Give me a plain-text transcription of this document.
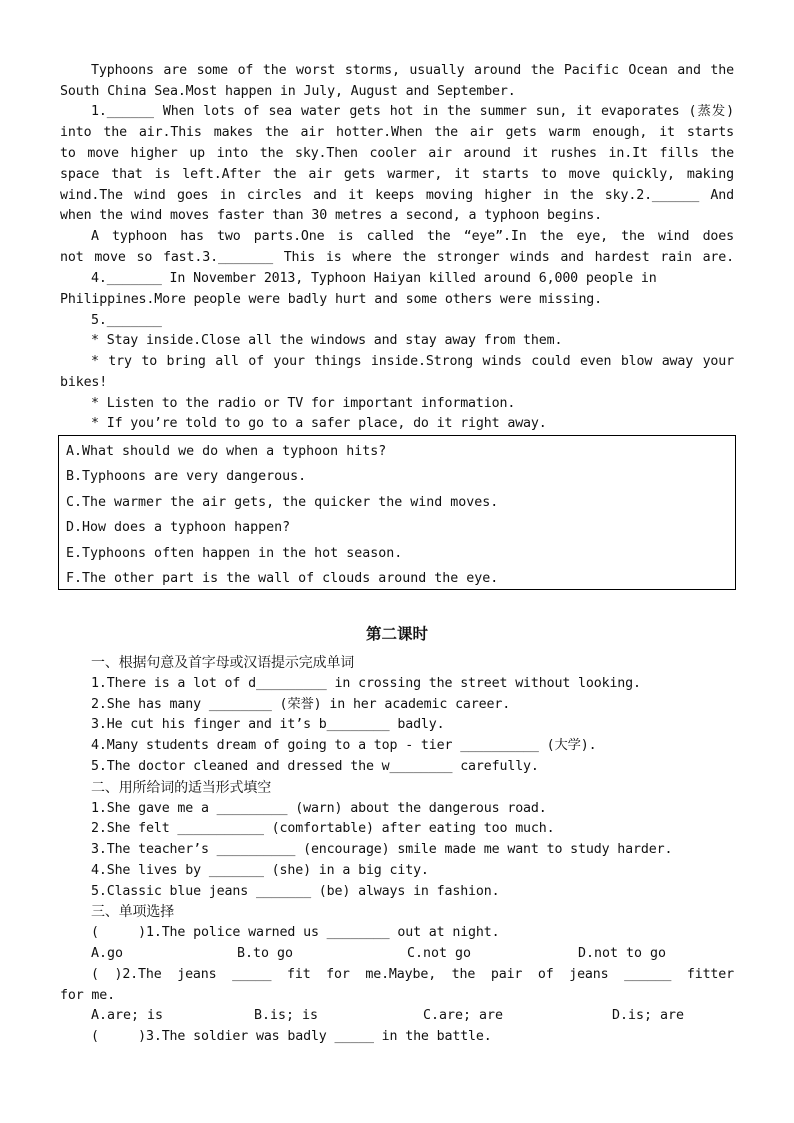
Typhoons are some of the worst storms, usually around the Pacific Ocean and the
South China Sea.Most happen in July, August and September.
1.______ When lots of sea water gets hot in the summer sun, it evaporates (蒸发)
into the air.This makes the air hotter.When the air gets warm enough, it starts
to move higher up into the sky.Then cooler air around it rushes in.It fills the
space that is left.After the air gets warmer, it starts to move quickly, making
wind.The wind goes in circles and it keeps moving higher in the sky.2.______ And
when the wind moves faster than 30 metres a second, a typhoon begins.
A typhoon has two parts.One is called the “eye”.In the eye, the wind does
not move so fast.3._______ This is where the stronger winds and hardest rain are.
4._______ In November 2013, Typhoon Haiyan killed around 6,000 people in
Philippines.More people were badly hurt and some others were missing.
5._______
* Stay inside.Close all the windows and stay away from them.
* try to bring all of your things inside.Strong winds could even blow away your
bikes!
* Listen to the radio or TV for important information.
* If you’re told to go to a safer place, do it right away.
A.What should we do when a typhoon hits?
B.Typhoons are very dangerous.
C.The warmer the air gets, the quicker the wind moves.
D.How does a typhoon happen?
E.Typhoons often happen in the hot season.
F.The other part is the wall of clouds around the eye.
第二课时
一、根据句意及首字母或汉语提示完成单词
1.There is a lot of d_________ in crossing the street without looking.
2.She has many ________ (荣誉) in her academic career.
3.He cut his finger and it’s b________ badly.
4.Many students dream of going to a top - tier __________ (大学).
5.The doctor cleaned and dressed the w________ carefully.
二、用所给词的适当形式填空
1.She gave me a _________ (warn) about the dangerous road.
2.She felt ___________ (comfortable) after eating too much.
3.The teacher’s __________ (encourage) smile made me want to study harder.
4.She lives by _______ (she) in a big city.
5.Classic blue jeans _______ (be) always in fashion.
三、单项选择
(     )1.The police warned us ________ out at night.
A.go	B.to go	C.not go	D.not to go
( )2.The jeans _____ fit for me.Maybe, the pair of jeans ______ fitter
for me.
A.are; is	B.is; is	C.are; are	D.is; are
(     )3.The soldier was badly _____ in the battle.
